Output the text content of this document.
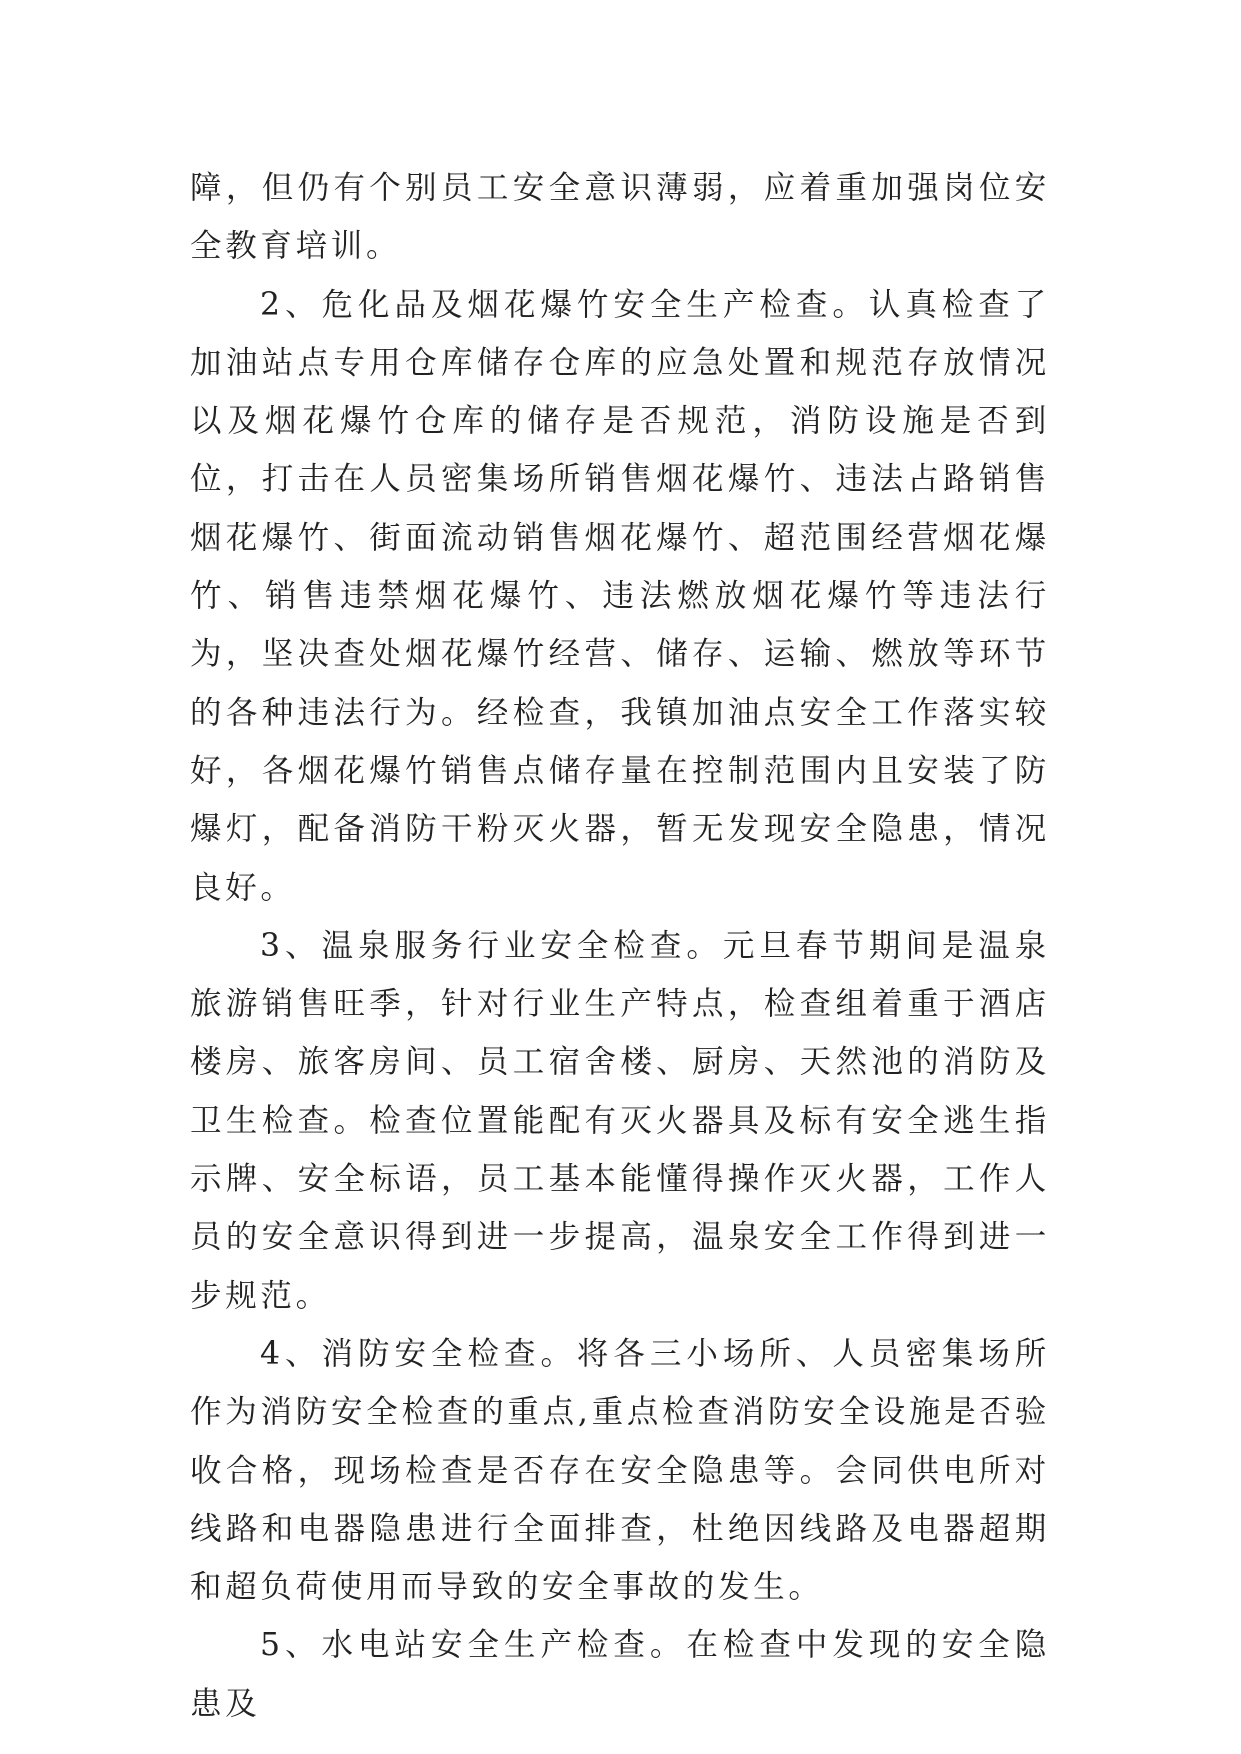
障，但仍有个别员工安全意识薄弱，应着重加强岗位安全教育培训。

2、危化品及烟花爆竹安全生产检查。认真检查了加油站点专用仓库储存仓库的应急处置和规范存放情况以及烟花爆竹仓库的储存是否规范，消防设施是否到位，打击在人员密集场所销售烟花爆竹、违法占路销售烟花爆竹、街面流动销售烟花爆竹、超范围经营烟花爆竹、销售违禁烟花爆竹、违法燃放烟花爆竹等违法行为，坚决查处烟花爆竹经营、储存、运输、燃放等环节的各种违法行为。经检查，我镇加油点安全工作落实较好，各烟花爆竹销售点储存量在控制范围内且安装了防爆灯，配备消防干粉灭火器，暂无发现安全隐患，情况良好。

3、温泉服务行业安全检查。元旦春节期间是温泉旅游销售旺季，针对行业生产特点，检查组着重于酒店楼房、旅客房间、员工宿舍楼、厨房、天然池的消防及卫生检查。检查位置能配有灭火器具及标有安全逃生指示牌、安全标语，员工基本能懂得操作灭火器，工作人员的安全意识得到进一步提高，温泉安全工作得到进一步规范。

4、消防安全检查。将各三小场所、人员密集场所作为消防安全检查的重点,重点检查消防安全设施是否验收合格，现场检查是否存在安全隐患等。会同供电所对线路和电器隐患进行全面排查，杜绝因线路及电器超期和超负荷使用而导致的安全事故的发生。

5、水电站安全生产检查。在检查中发现的安全隐患及
